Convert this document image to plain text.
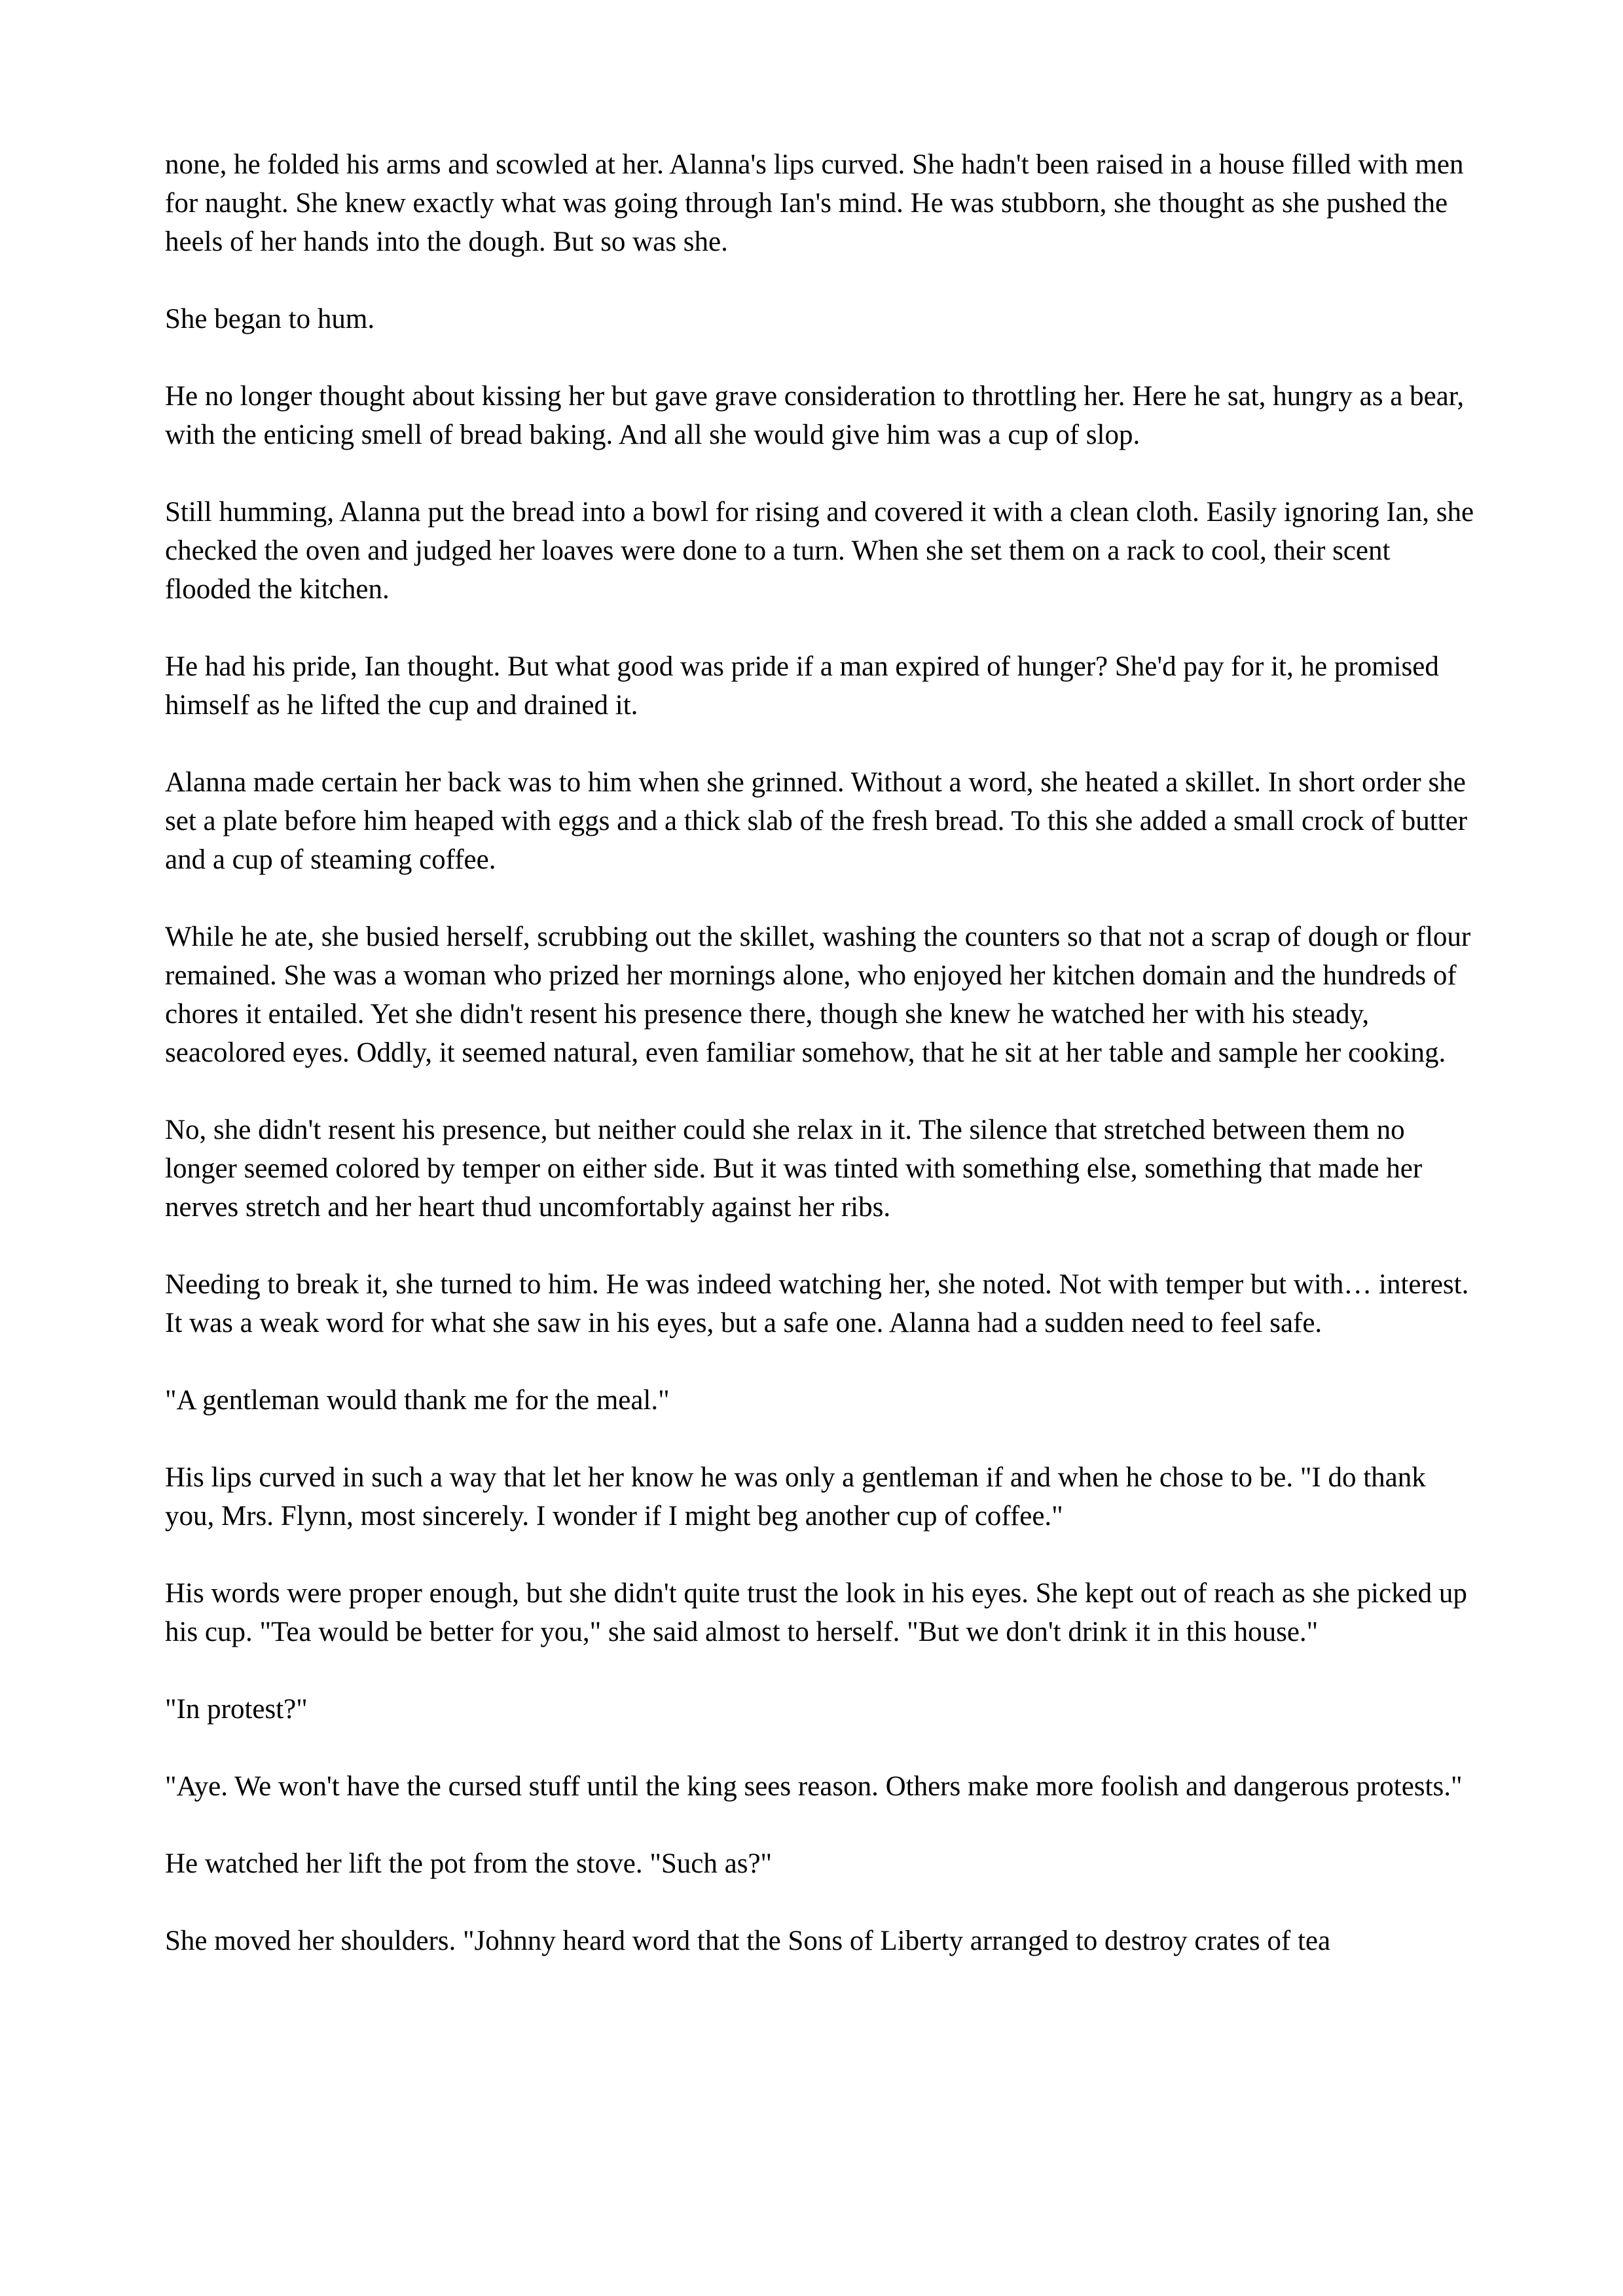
none, he folded his arms and scowled at her. Alanna's lips curved. She hadn't been raised in a house filled with men for naught. She knew exactly what was going through Ian's mind. He was stubborn, she thought as she pushed the heels of her hands into the dough. But so was she.

She began to hum.

He no longer thought about kissing her but gave grave consideration to throttling her. Here he sat, hungry as a bear, with the enticing smell of bread baking. And all she would give him was a cup of slop.

Still humming, Alanna put the bread into a bowl for rising and covered it with a clean cloth. Easily ignoring Ian, she checked the oven and judged her loaves were done to a turn. When she set them on a rack to cool, their scent flooded the kitchen.

He had his pride, Ian thought. But what good was pride if a man expired of hunger? She'd pay for it, he promised himself as he lifted the cup and drained it.

Alanna made certain her back was to him when she grinned. Without a word, she heated a skillet. In short order she set a plate before him heaped with eggs and a thick slab of the fresh bread. To this she added a small crock of butter and a cup of steaming coffee.

While he ate, she busied herself, scrubbing out the skillet, washing the counters so that not a scrap of dough or flour remained. She was a woman who prized her mornings alone, who enjoyed her kitchen domain and the hundreds of chores it entailed. Yet she didn't resent his presence there, though she knew he watched her with his steady, seacolored eyes. Oddly, it seemed natural, even familiar somehow, that he sit at her table and sample her cooking.

No, she didn't resent his presence, but neither could she relax in it. The silence that stretched between them no longer seemed colored by temper on either side. But it was tinted with something else, something that made her nerves stretch and her heart thud uncomfortably against her ribs.

Needing to break it, she turned to him. He was indeed watching her, she noted. Not with temper but with… interest. It was a weak word for what she saw in his eyes, but a safe one. Alanna had a sudden need to feel safe.

"A gentleman would thank me for the meal."

His lips curved in such a way that let her know he was only a gentleman if and when he chose to be. "I do thank you, Mrs. Flynn, most sincerely. I wonder if I might beg another cup of coffee."

His words were proper enough, but she didn't quite trust the look in his eyes. She kept out of reach as she picked up his cup. "Tea would be better for you," she said almost to herself. "But we don't drink it in this house."

"In protest?"

"Aye. We won't have the cursed stuff until the king sees reason. Others make more foolish and dangerous protests."

He watched her lift the pot from the stove. "Such as?"

She moved her shoulders. "Johnny heard word that the Sons of Liberty arranged to destroy crates of tea
